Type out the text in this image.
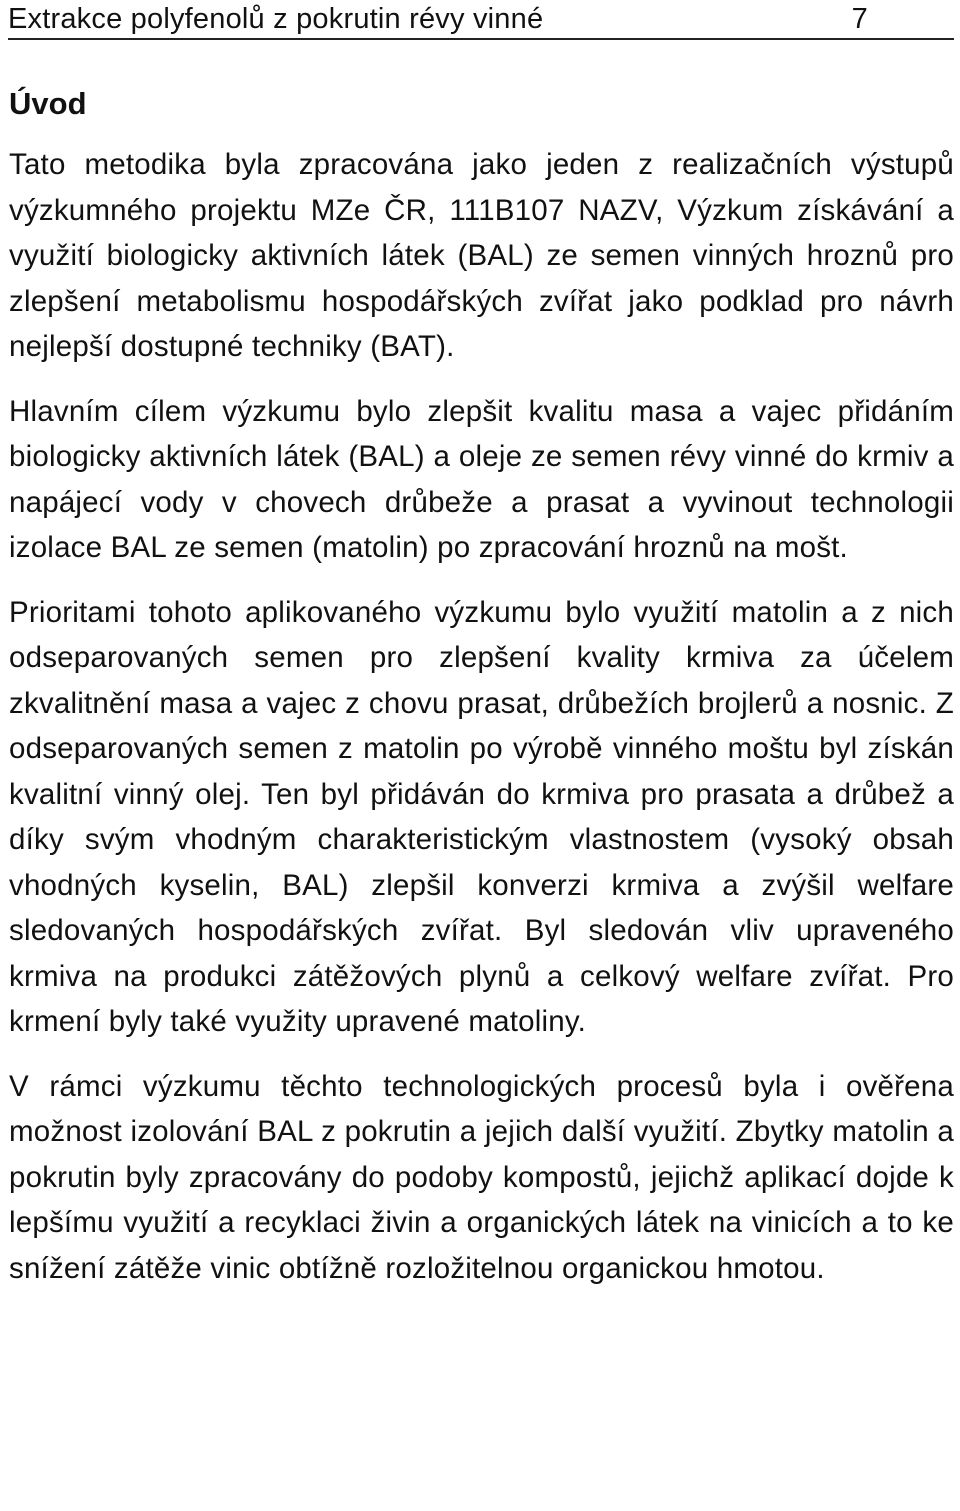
Extrakce polyfenolů z pokrutin révy vinné	7
Úvod

Tato metodika byla zpracována jako jeden z realizačních výstupů výzkumného projektu MZe ČR, 111B107 NAZV, Výzkum získávání a využití biologicky aktivních látek (BAL) ze semen vinných hroznů pro zlepšení metabolismu hospodářských zvířat jako podklad pro návrh nejlepší dostupné techniky (BAT).

Hlavním cílem výzkumu bylo zlepšit kvalitu masa a vajec přidáním biologicky aktivních látek (BAL) a oleje ze semen révy vinné do krmiv a napájecí vody v chovech drůbeže a prasat a vyvinout technologii izolace BAL ze semen (matolin) po zpracování hroznů na mošt.

Prioritami tohoto aplikovaného výzkumu bylo využití matolin a z nich odseparovaných semen pro zlepšení kvality krmiva za účelem zkvalitnění masa a vajec z chovu prasat, drůbežích brojlerů a nosnic. Z odseparovaných semen z matolin po výrobě vinného moštu byl získán kvalitní vinný olej. Ten byl přidáván do krmiva pro prasata a drůbež a díky svým vhodným charakteristickým vlastnostem (vysoký obsah vhodných kyselin, BAL) zlepšil konverzi krmiva a zvýšil welfare sledovaných hospodářských zvířat. Byl sledován vliv upraveného krmiva na produkci zátěžových plynů a celkový welfare zvířat. Pro krmení byly také využity upravené matoliny.

V rámci výzkumu těchto technologických procesů byla i ověřena možnost izolování BAL z pokrutin a jejich další využití. Zbytky matolin a pokrutin byly zpracovány do podoby kompostů, jejichž aplikací dojde k lepšímu využití a recyklaci živin a organických látek na vinicích a to ke snížení zátěže vinic obtížně rozložitelnou organickou hmotou.
